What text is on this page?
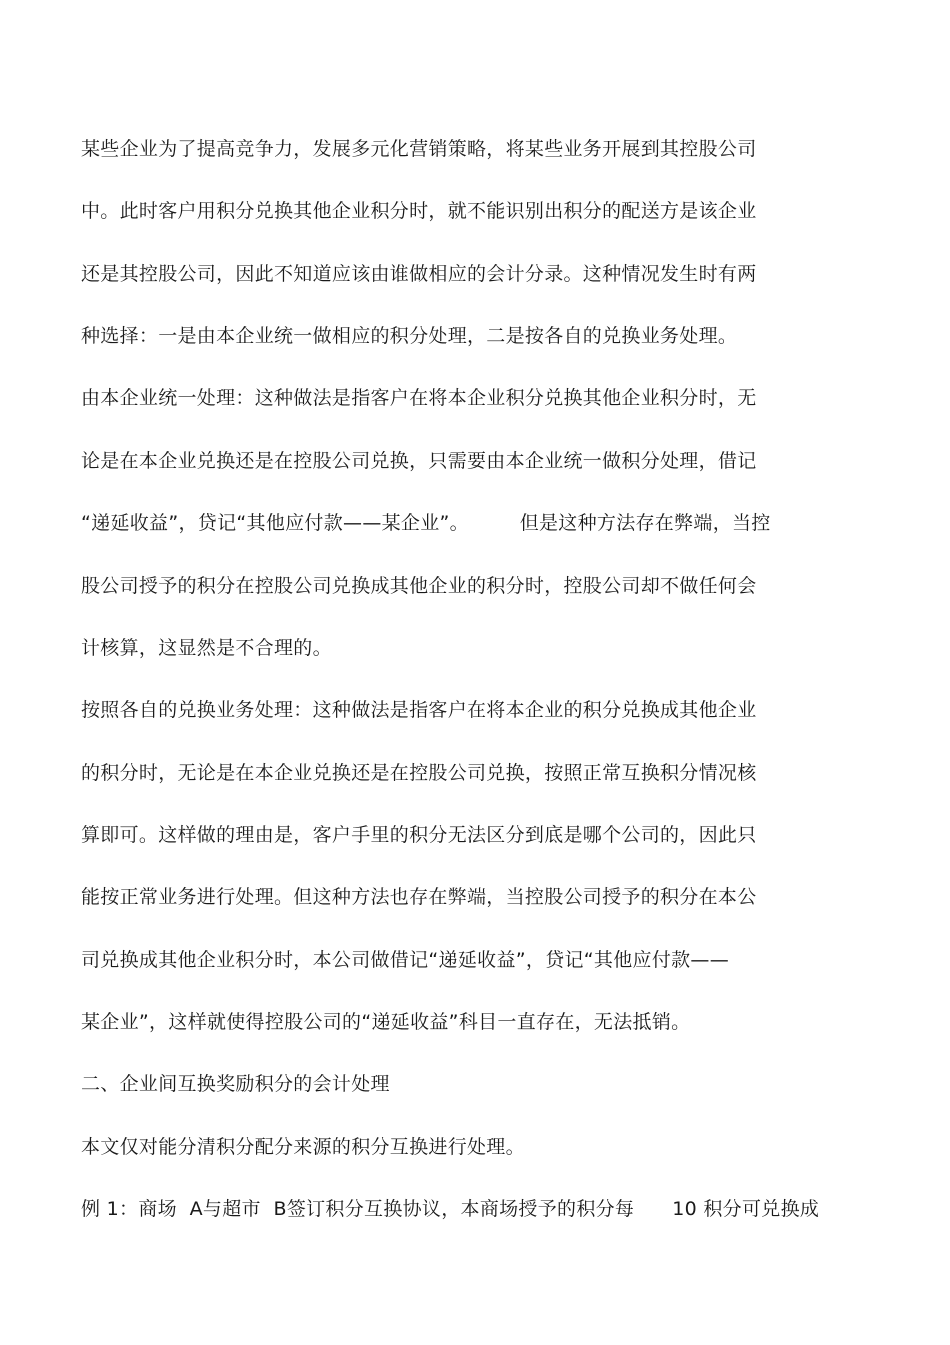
某些企业为了提高竞争力，发展多元化营销策略，将某些业务开展到其控股公司
中。此时客户用积分兑换其他企业积分时，就不能识别出积分的配送方是该企业
还是其控股公司，因此不知道应该由谁做相应的会计分录。这种情况发生时有两
种选择：一是由本企业统一做相应的积分处理，二是按各自的兑换业务处理。
由本企业统一处理：这种做法是指客户在将本企业积分兑换其他企业积分时，无
论是在本企业兑换还是在控股公司兑换，只需要由本企业统一做积分处理，借记
“递延收益”，贷记“其他应付款——某企业”。        但是这种方法存在弊端，当控
股公司授予的积分在控股公司兑换成其他企业的积分时，控股公司却不做任何会
计核算，这显然是不合理的。
按照各自的兑换业务处理：这种做法是指客户在将本企业的积分兑换成其他企业
的积分时，无论是在本企业兑换还是在控股公司兑换，按照正常互换积分情况核
算即可。这样做的理由是，客户手里的积分无法区分到底是哪个公司的，因此只
能按正常业务进行处理。但这种方法也存在弊端，当控股公司授予的积分在本公
司兑换成其他企业积分时，本公司做借记“递延收益”，贷记“其他应付款——
某企业”，这样就使得控股公司的“递延收益”科目一直存在，无法抵销。
二、企业间互换奖励积分的会计处理
本文仅对能分清积分配分来源的积分互换进行处理。
例 1：商场  A与超市  B签订积分互换协议，本商场授予的积分每      10 积分可兑换成
